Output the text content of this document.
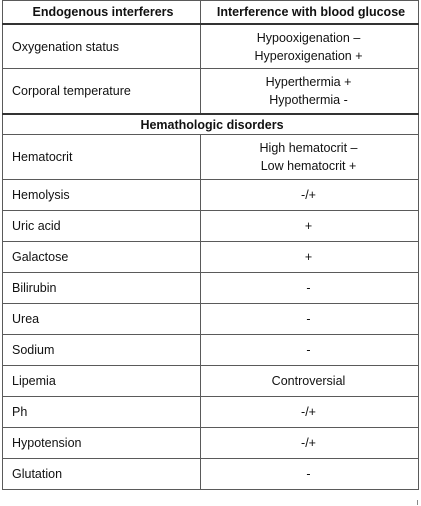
Endogenous interferers	Interference with blood glucose
Oxygenation status	Hypooxigenation –
Hyperoxigenation +

Corporal temperature	Hyperthermia +
Hypothermia -

Hemathologic disorders	
Hematocrit	High hematocrit –
Low hematocrit +

Hemolysis	-/+
Uric acid	+
Galactose	+
Bilirubin	-
Urea	-
Sodium	-
Lipemia	Controversial
Ph	-/+
Hypotension	-/+
Glutation	-
